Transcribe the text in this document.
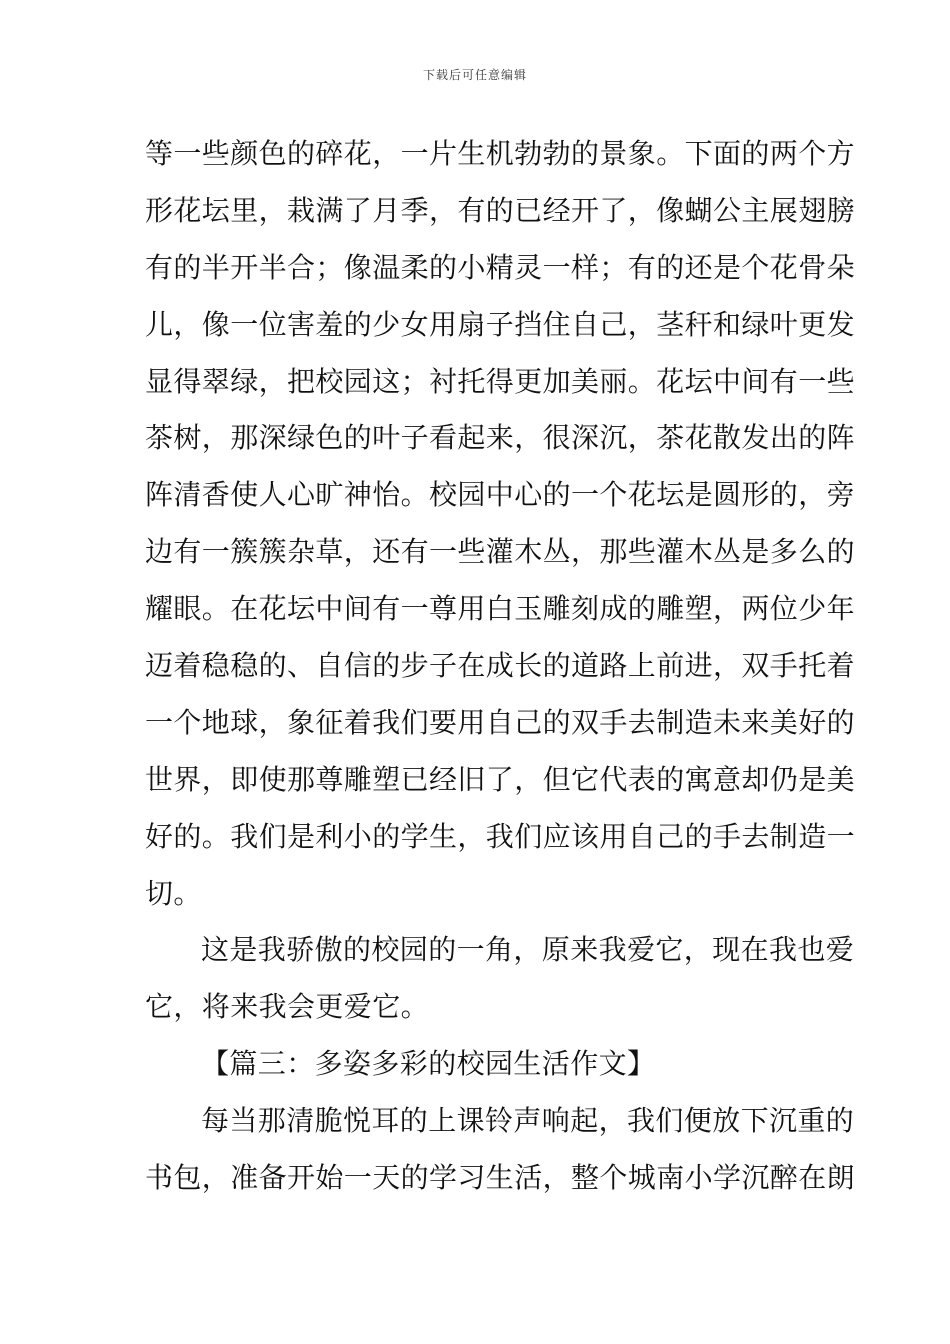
下载后可任意编辑
等一些颜色的碎花，一片生机勃勃的景象。下面的两个方
形花坛里，栽满了月季，有的已经开了，像蝴公主展翅膀
有的半开半合；像温柔的小精灵一样；有的还是个花骨朵
儿，像一位害羞的少女用扇子挡住自己，茎秆和绿叶更发
显得翠绿，把校园这；衬托得更加美丽。花坛中间有一些
茶树，那深绿色的叶子看起来，很深沉，茶花散发出的阵
阵清香使人心旷神怡。校园中心的一个花坛是圆形的，旁
边有一簇簇杂草，还有一些灌木丛，那些灌木丛是多么的
耀眼。在花坛中间有一尊用白玉雕刻成的雕塑，两位少年
迈着稳稳的、自信的步子在成长的道路上前进，双手托着
一个地球，象征着我们要用自己的双手去制造未来美好的
世界，即使那尊雕塑已经旧了，但它代表的寓意却仍是美
好的。我们是利小的学生，我们应该用自己的手去制造一
切。
这是我骄傲的校园的一角，原来我爱它，现在我也爱
它，将来我会更爱它。
【篇三：多姿多彩的校园生活作文】
每当那清脆悦耳的上课铃声响起，我们便放下沉重的
书包，准备开始一天的学习生活，整个城南小学沉醉在朗
